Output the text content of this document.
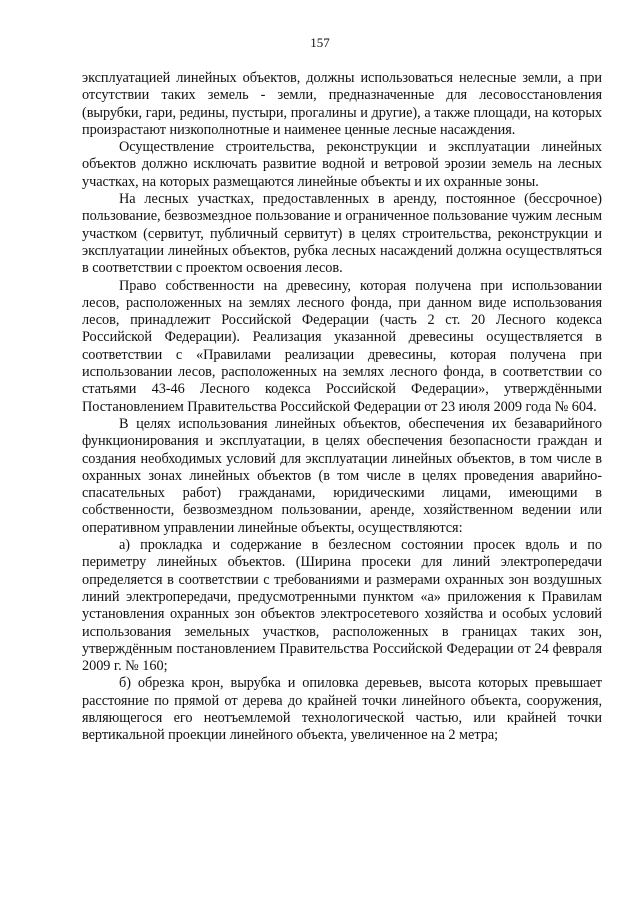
157

эксплуатацией линейных объектов, должны использоваться нелесные земли, а при отсутствии таких земель - земли, предназначенные для лесовосстановления (вырубки, гари, редины, пустыри, прогалины и другие), а также площади, на которых произрастают низкополнотные и наименее ценные лесные насаждения.

Осуществление строительства, реконструкции и эксплуатации линейных объектов должно исключать развитие водной и ветровой эрозии земель на лесных участках, на которых размещаются линейные объекты и их охранные зоны.

На лесных участках, предоставленных в аренду, постоянное (бессрочное) пользование, безвозмездное пользование и ограниченное пользование чужим лесным участком (сервитут, публичный сервитут) в целях строительства, реконструкции и эксплуатации линейных объектов, рубка лесных насаждений должна осуществляться в соответствии с проектом освоения лесов.

Право собственности на древесину, которая получена при использовании лесов, расположенных на землях лесного фонда, при данном виде использования лесов, принадлежит Российской Федерации (часть 2 ст. 20 Лесного кодекса Российской Федерации). Реализация указанной древесины осуществляется в соответствии с «Правилами реализации древесины, которая получена при использовании лесов, расположенных на землях лесного фонда, в соответствии со статьями 43-46 Лесного кодекса Российской Федерации», утверждёнными Постановлением Правительства Российской Федерации от 23 июля 2009 года № 604.

В целях использования линейных объектов, обеспечения их безаварийного функционирования и эксплуатации, в целях обеспечения безопасности граждан и создания необходимых условий для эксплуатации линейных объектов, в том числе в охранных зонах линейных объектов (в том числе в целях проведения аварийно-спасательных работ) гражданами, юридическими лицами, имеющими в собственности, безвозмездном пользовании, аренде, хозяйственном ведении или оперативном управлении линейные объекты, осуществляются:

а) прокладка и содержание в безлесном состоянии просек вдоль и по периметру линейных объектов. (Ширина просеки для линий электропередачи определяется в соответствии с требованиями и размерами охранных зон воздушных линий электропередачи, предусмотренными пунктом «а» приложения к Правилам установления охранных зон объектов электросетевого хозяйства и особых условий использования земельных участков, расположенных в границах таких зон, утверждённым постановлением Правительства Российской Федерации от 24 февраля 2009 г. № 160;

б) обрезка крон, вырубка и опиловка деревьев, высота которых превышает расстояние по прямой от дерева до крайней точки линейного объекта, сооружения, являющегося его неотъемлемой технологической частью, или крайней точки вертикальной проекции линейного объекта, увеличенное на 2 метра;
